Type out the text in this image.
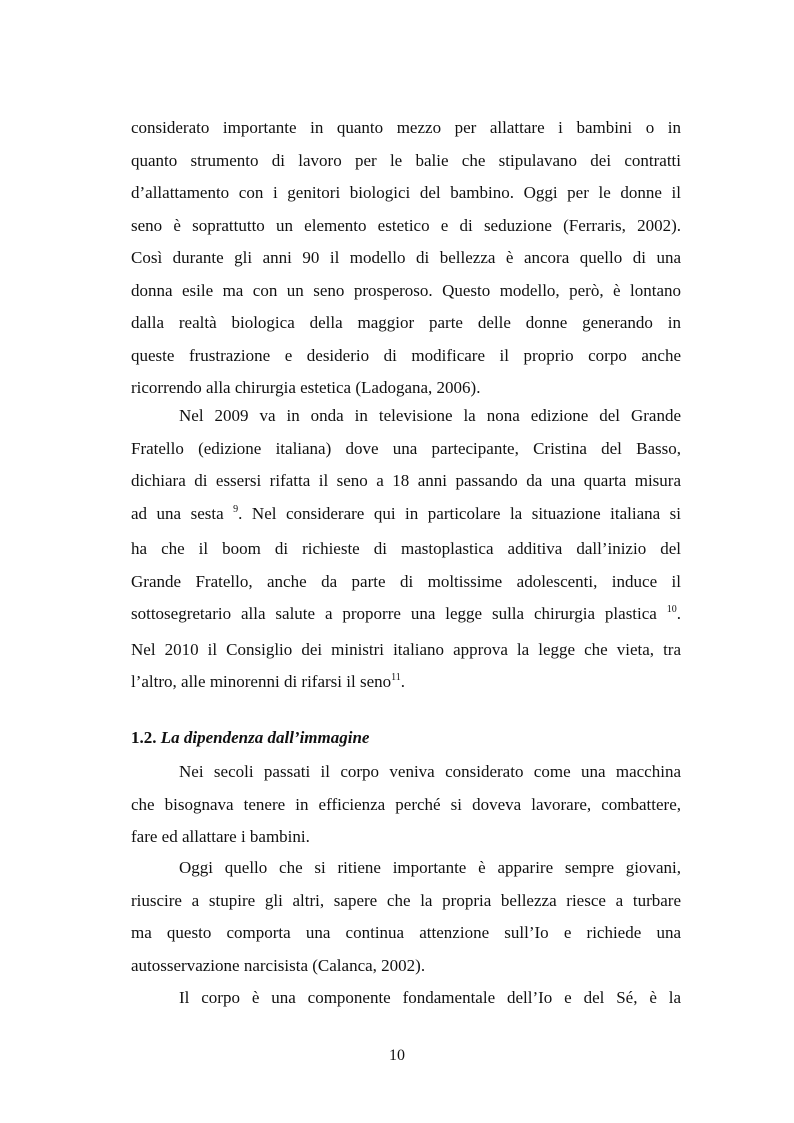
considerato importante in quanto mezzo per allattare i bambini o in
quanto strumento di lavoro per le balie che stipulavano dei contratti
d’allattamento con i genitori biologici del bambino. Oggi per le donne il
seno è soprattutto un elemento estetico e di seduzione (Ferraris, 2002).
Così durante gli anni 90 il modello di bellezza è ancora quello di una
donna esile ma con un seno prosperoso. Questo modello, però, è lontano
dalla realtà biologica della maggior parte delle donne generando in
queste frustrazione e desiderio di modificare il proprio corpo anche
ricorrendo alla chirurgia estetica (Ladogana, 2006).
Nel 2009 va in onda in televisione la nona edizione del Grande
Fratello (edizione italiana) dove una partecipante, Cristina del Basso,
dichiara di essersi rifatta il seno a 18 anni passando da una quarta misura
ad una sesta $^9$. Nel considerare qui in particolare la situazione italiana si
ha che il boom di richieste di mastoplastica additiva dall’inizio del
Grande Fratello, anche da parte di moltissime adolescenti, induce il
sottosegretario alla salute a proporre una legge sulla chirurgia plastica $^{10}$.
Nel 2010 il Consiglio dei ministri italiano approva la legge che vieta, tra
l’altro, alle minorenni di rifarsi il seno$^{11}$.
1.2. La dipendenza dall’immagine
Nei secoli passati il corpo veniva considerato come una macchina
che bisognava tenere in efficienza perché si doveva lavorare, combattere,
fare ed allattare i bambini.
Oggi quello che si ritiene importante è apparire sempre giovani,
riuscire a stupire gli altri, sapere che la propria bellezza riesce a turbare
ma questo comporta una continua attenzione sull’Io e richiede una
autosservazione narcisista (Calanca, 2002).
Il corpo è una componente fondamentale dell’Io e del Sé, è la
10
